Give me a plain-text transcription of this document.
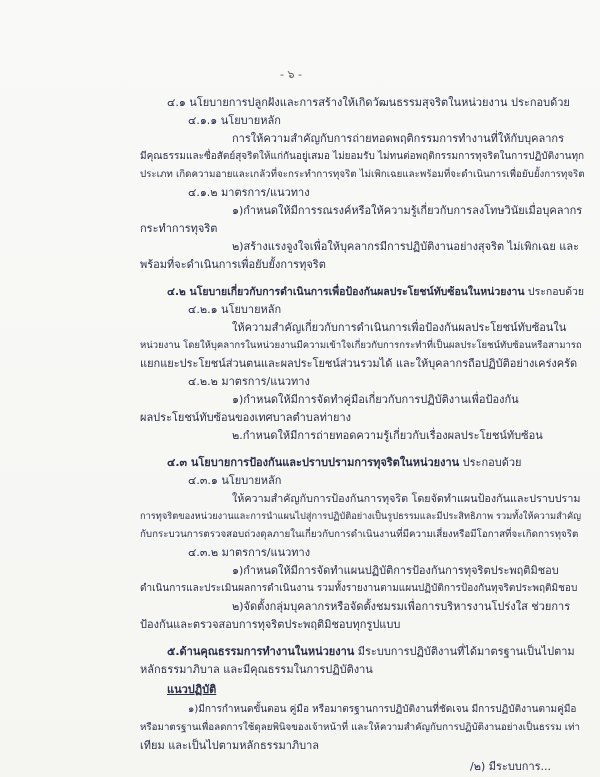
- ๖ -
๔.๑ นโยบายการปลูกฝังและการสร้างให้เกิดวัฒนธรรมสุจริตในหน่วยงาน ประกอบด้วย
๔.๑.๑ นโยบายหลัก
การให้ความสำคัญกับการถ่ายทอดพฤติกรรมการทำงานที่ให้กับบุคลากร
มีคุณธรรมและซื่อสัตย์สุจริตให้แก่กันอยู่เสมอ ไม่ยอมรับ ไม่ทนต่อพฤติกรรมการทุจริตในการปฏิบัติงานทุก
ประเภท เกิดความอายและเกลัวที่จะกระทำการทุจริต ไม่เพิกเฉยและพร้อมที่จะดำเนินการเพื่อยับยั้งการทุจริต
๔.๑.๒ มาตรการ/แนวทาง
๑)กำหนดให้มีการรณรงค์หรือให้ความรู้เกี่ยวกับการลงโทษวินัยเมื่อบุคลากร
กระทำการทุจริต
๒)สร้างแรงจูงใจเพื่อให้บุคลากรมีการปฏิบัติงานอย่างสุจริต ไม่เพิกเฉย และ
พร้อมที่จะดำเนินการเพื่อยับยั้งการทุจริต
๔.๒ นโยบายเกี่ยวกับการดำเนินการเพื่อป้องกันผลประโยชน์ทับซ้อนในหน่วยงาน ประกอบด้วย
๔.๒.๑ นโยบายหลัก
ให้ความสำคัญเกี่ยวกับการดำเนินการเพื่อป้องกันผลประโยชน์ทับซ้อนใน
หน่วยงาน โดยให้บุคลากรในหน่วยงานมีความเข้าใจเกี่ยวกับการกระทำที่เป็นผลประโยชน์ทับซ้อนหรือสามารถ
แยกแยะประโยชน์ส่วนตนและผลประโยชน์ส่วนรวมได้ และให้บุคลากรถือปฏิบัติอย่างเคร่งครัด
๔.๒.๒ มาตรการ/แนวทาง
๑)กำหนดให้มีการจัดทำคู่มือเกี่ยวกับการปฏิบัติงานเพื่อป้องกัน
ผลประโยชน์ทับซ้อนของเทศบาลตำบลท่ายาง
๒.กำหนดให้มีการถ่ายทอดความรู้เกี่ยวกับเรื่องผลประโยชน์ทับซ้อน
๔.๓ นโยบายการป้องกันและปราบปรามการทุจริตในหน่วยงาน ประกอบด้วย
๔.๓.๑ นโยบายหลัก
ให้ความสำคัญกับการป้องกันการทุจริต โดยจัดทำแผนป้องกันและปราบปราม
การทุจริตของหน่วยงานและการนำแผนไปสู่การปฏิบัติอย่างเป็นรูปธรรมและมีประสิทธิภาพ รวมทั้งให้ความสำคัญ
กับกระบวนการตรวจสอบถ่วงดุลภายในเกี่ยวกับการดำเนินงานที่มีความเสี่ยงหรือมีโอกาสที่จะเกิดการทุจริต
๔.๓.๒ มาตรการ/แนวทาง
๑)กำหนดให้มีการจัดทำแผนปฏิบัติการป้องกันการทุจริตประพฤติมิชอบ
ดำเนินการและประเมินผลการดำเนินงาน รวมทั้งรายงานตามแผนปฏิบัติการป้องกันทุจริตประพฤติมิชอบ
๒)จัดตั้งกลุ่มบุคลากรหรือจัดตั้งชมรมเพื่อการบริหารงานโปร่งใส ช่วยการ
ป้องกันและตรวจสอบการทุจริตประพฤติมิชอบทุกรูปแบบ
๕.ด้านคุณธรรมการทำงานในหน่วยงาน มีระบบการปฏิบัติงานที่ได้มาตรฐานเป็นไปตาม
หลักธรรมาภิบาล และมีคุณธรรมในการปฏิบัติงาน
แนวปฏิบัติ
๑)มีการกำหนดขั้นตอน คู่มือ หรือมาตรฐานการปฏิบัติงานที่ชัดเจน มีการปฏิบัติงานตามคู่มือ
หรือมาตรฐานเพื่อลดการใช้ดุลยพินิจของเจ้าหน้าที่ และให้ความสำคัญกับการปฏิบัติงานอย่างเป็นธรรม เท่า
เทียม และเป็นไปตามหลักธรรมาภิบาล
/๒) มีระบบการ...
